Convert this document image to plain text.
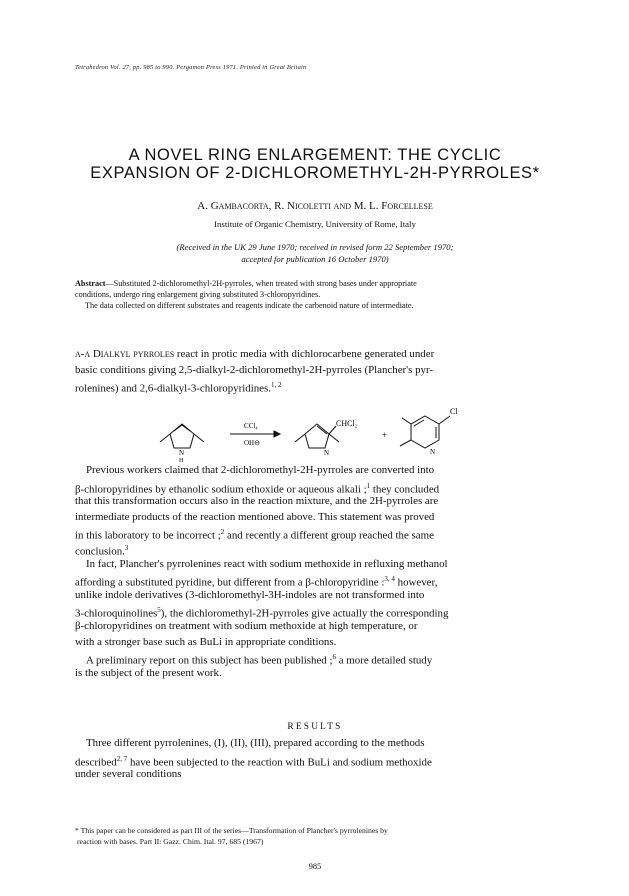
Tetrahedron Vol. 27, pp. 985 to 990. Pergamon Press 1971. Printed in Great Britain
A NOVEL RING ENLARGEMENT: THE CYCLIC
EXPANSION OF 2-DICHLOROMETHYL-2H-PYRROLES*
A. Gambacorta, R. Nicoletti and M. L. Forcellese
Institute of Organic Chemistry, University of Rome, Italy
(Received in the UK 29 June 1970; received in revised form 22 September 1970;
accepted for publication 16 October 1970)
Abstract—Substituted 2-dichloromethyl-2H-pyrroles, when treated with strong bases under appropriate
conditions, undergo ring enlargement giving substituted 3-chloropyridines.
The data collected on different substrates and reagents indicate the carbenoid nature of intermediate.
α-α Dialkyl pyrroles react in protic media with dichlorocarbene generated under
basic conditions giving 2,5-dialkyl-2-dichloromethyl-2H-pyrroles (Plancher's pyr-
rolenines) and 2,6-dialkyl-3-chloropyridines.$^{1, 2}$
N
H
CCl₄
OH⊖
N
CHCl₂
+
N
Cl
Previous workers claimed that 2-dichloromethyl-2H-pyrroles are converted into
β-chloropyridines by ethanolic sodium ethoxide or aqueous alkali ;$^1$ they concluded
that this transformation occurs also in the reaction mixture, and the 2H-pyrroles are
intermediate products of the reaction mentioned above. This statement was proved
in this laboratory to be incorrect ;$^2$ and recently a different group reached the same
conclusion.$^3$
In fact, Plancher's pyrrolenines react with sodium methoxide in refluxing methanol
affording a substituted pyridine, but different from a β-chloropyridine :$^{3, 4}$ however,
unlike indole derivatives (3-dichloromethyl-3H-indoles are not transformed into
3-chloroquinolines$^5$), the dichloromethyl-2H-pyrroles give actually the corresponding
β-chloropyridines on treatment with sodium methoxide at high temperature, or
with a stronger base such as BuLi in appropriate conditions.
A preliminary report on this subject has been published ;$^6$ a more detailed study
is the subject of the present work.
RESULTS
Three different pyrrolenines, (I), (II), (III), prepared according to the methods
described$^{2, 7}$ have been subjected to the reaction with BuLi and sodium methoxide
under several conditions
* This paper can be considered as part III of the series—Transformation of Plancher's pyrrolenines by
reaction with bases. Part II: Gazz. Chim. Ital. 97, 685 (1967)
985
